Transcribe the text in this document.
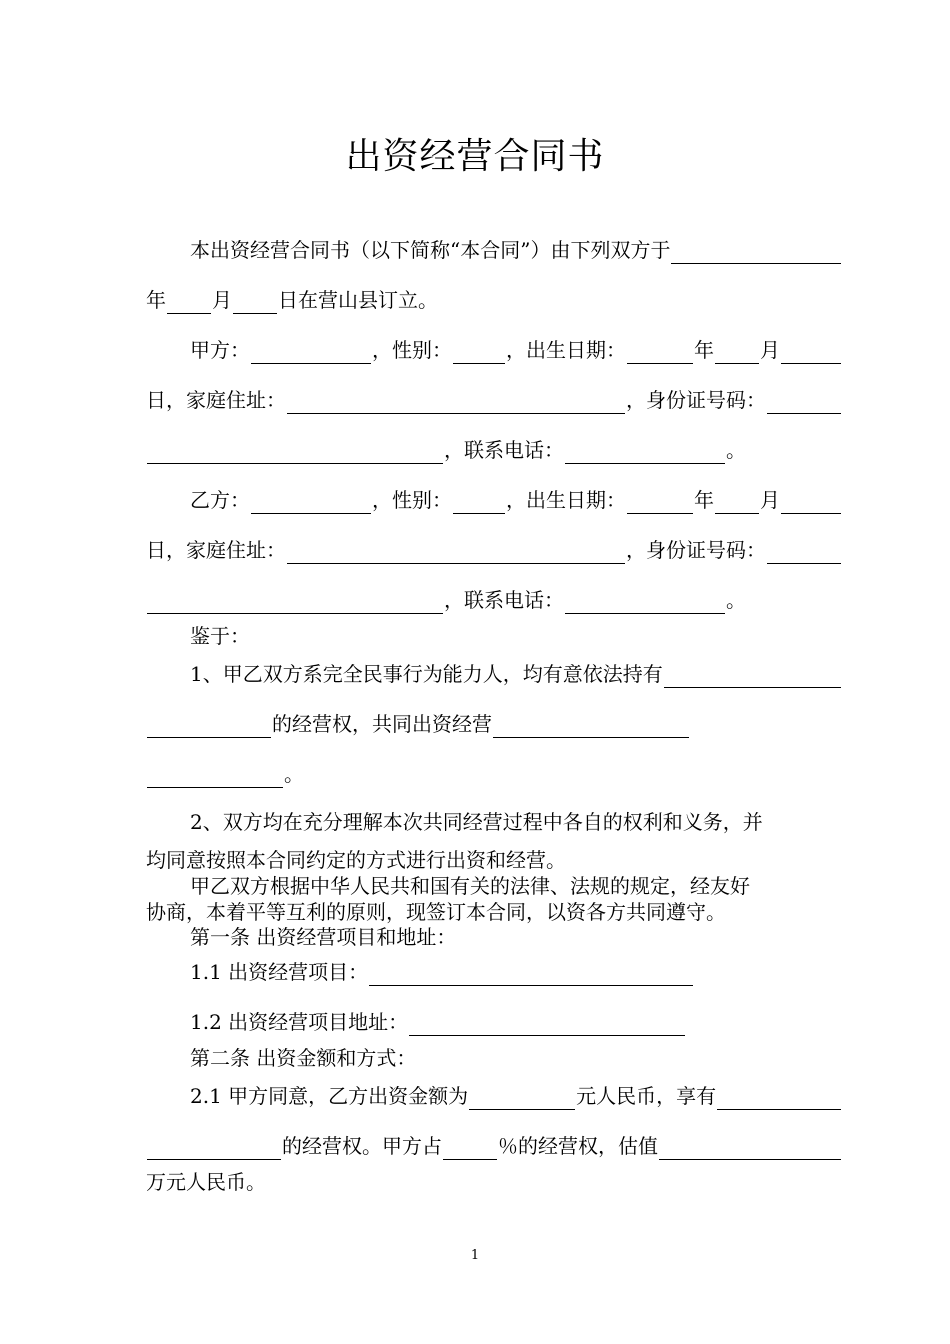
出资经营合同书
本出资经营合同书（以下简称“本合同”）由下列双方于
年 月 日在营山县订立。
甲方：	，性别：	，出生日期：	年 月
日，家庭住址：	，身份证号码：
，联系电话：	。
乙方：	，性别：	，出生日期：	年 月
日，家庭住址：	，身份证号码：
，联系电话：	。
鉴于：
1、甲乙双方系完全民事行为能力人，均有意依法持有
的经营权，共同出资经营
。
2、双方均在充分理解本次共同经营过程中各自的权利和义务，并
均同意按照本合同约定的方式进行出资和经营。
甲乙双方根据中华人民共和国有关的法律、法规的规定，经友好
协商，本着平等互利的原则，现签订本合同，以资各方共同遵守。
第一条 出资经营项目和地址：
1.1 出资经营项目：
1.2 出资经营项目地址：
第二条 出资金额和方式：
2.1 甲方同意，乙方出资金额为	元人民币，享有
的经营权。甲方占	％的经营权，估值
万元人民币。
1
